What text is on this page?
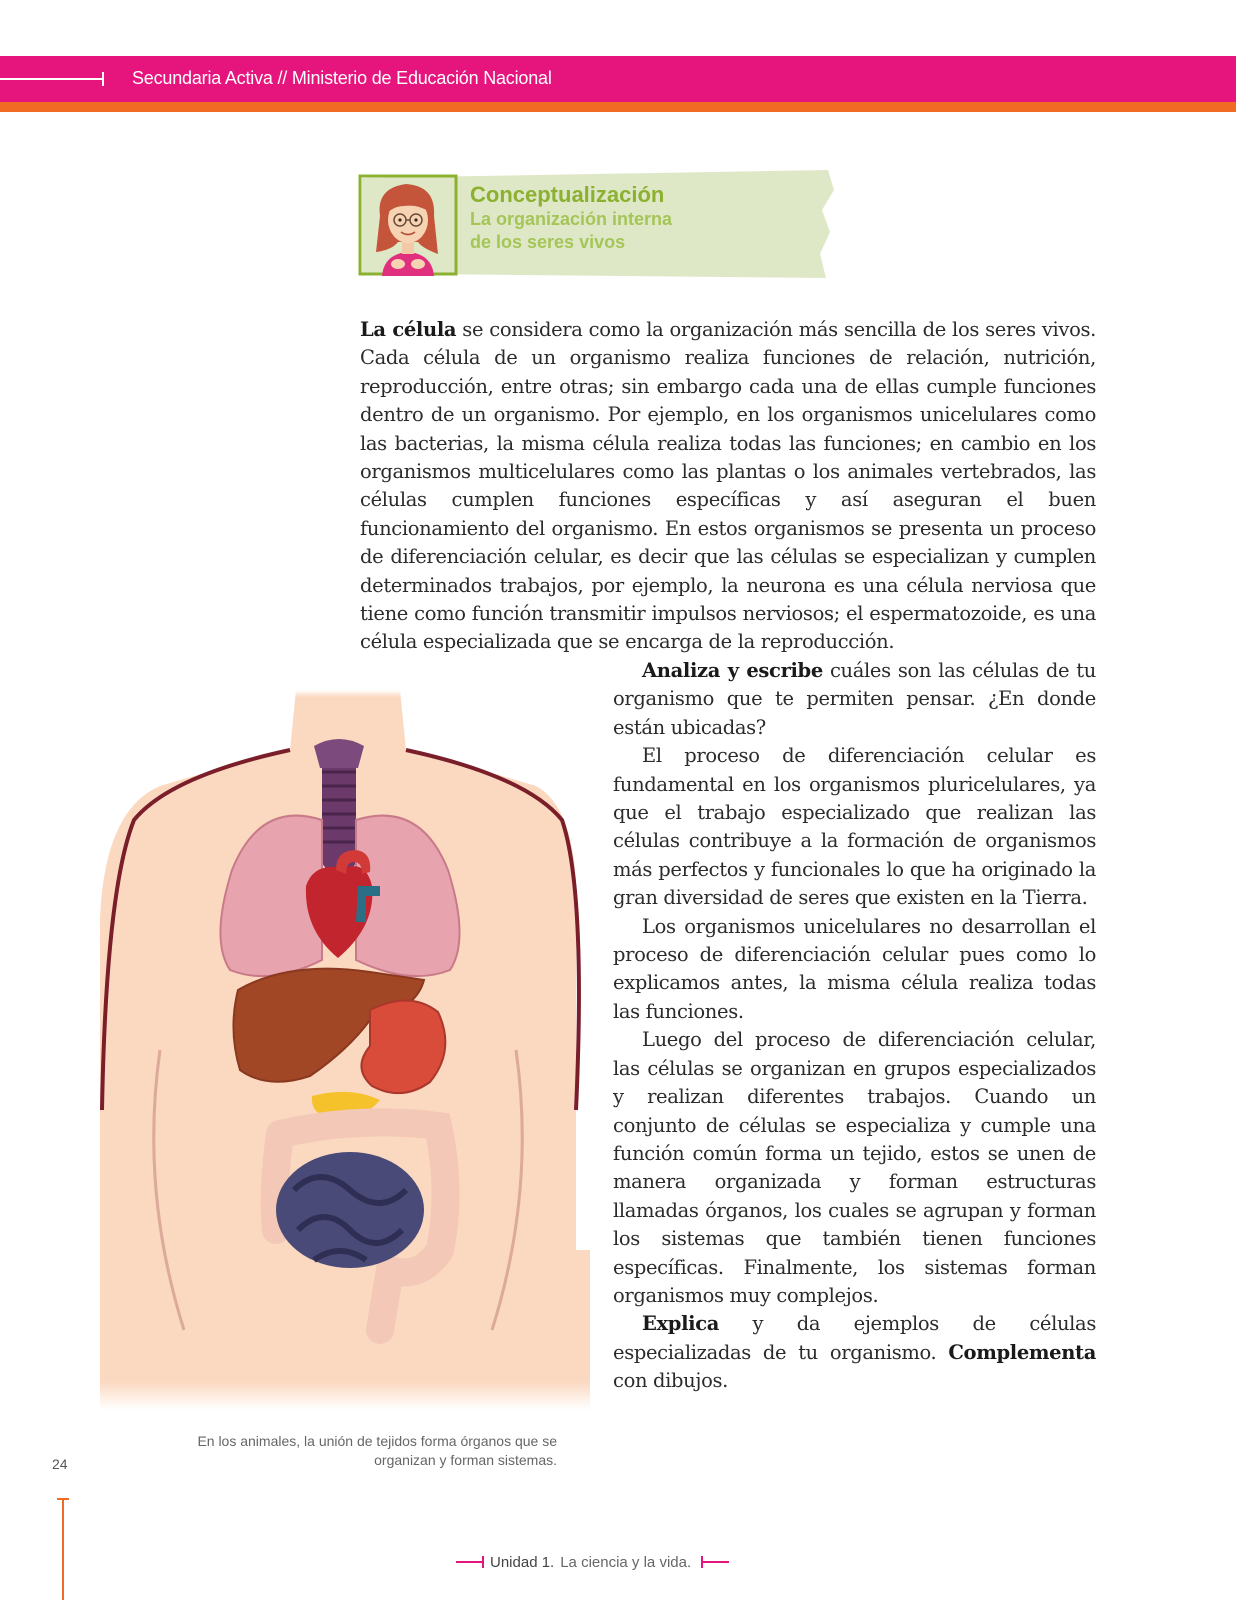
Secundaria Activa // Ministerio de Educación Nacional
Conceptualización
La organización interna
de los seres vivos
La célula se considera como la organización más sencilla de los seres vivos. Cada célula de un organismo realiza funciones de relación, nutrición, reproducción, entre otras; sin embargo cada una de ellas cumple funciones dentro de un organismo. Por ejemplo, en los organismos unicelulares como las bacterias, la misma célula realiza todas las funciones; en cambio en los organismos multicelulares como las plantas o los animales vertebrados, las células cumplen funciones específicas y así aseguran el buen funcionamiento del organismo. En estos organismos se presenta un proceso de diferenciación celular, es decir que las células se especializan y cumplen determinados trabajos, por ejemplo, la neurona es una célula nerviosa que tiene como función transmitir impulsos nerviosos; el espermatozoide, es una célula especializada que se encarga de la reproducción.

Analiza y escribe cuáles son las células de tu organismo que te permiten pensar. ¿En donde están ubicadas?

El proceso de diferenciación celular es fundamental en los organismos pluricelulares, ya que el trabajo especializado que realizan las células contribuye a la formación de organismos más perfectos y funcionales lo que ha originado la gran diversidad de seres que existen en la Tierra.

Los organismos unicelulares no desarrollan el proceso de diferenciación celular pues como lo explicamos antes, la misma célula realiza todas las funciones.

Luego del proceso de diferenciación celular, las células se organizan en grupos especializados y realizan diferentes trabajos. Cuando un conjunto de células se especializa y cumple una función común forma un tejido, estos se unen de manera organizada y forman estructuras llamadas órganos, los cuales se agrupan y forman los sistemas que también tienen funciones específicas. Finalmente, los sistemas forman organismos muy complejos.

Explica y da ejemplos de células especializadas de tu organismo. Complementa con dibujos.

En los animales, la unión de tejidos forma órganos que se
organizan y forman sistemas.
24
Unidad 1. La ciencia y la vida.
